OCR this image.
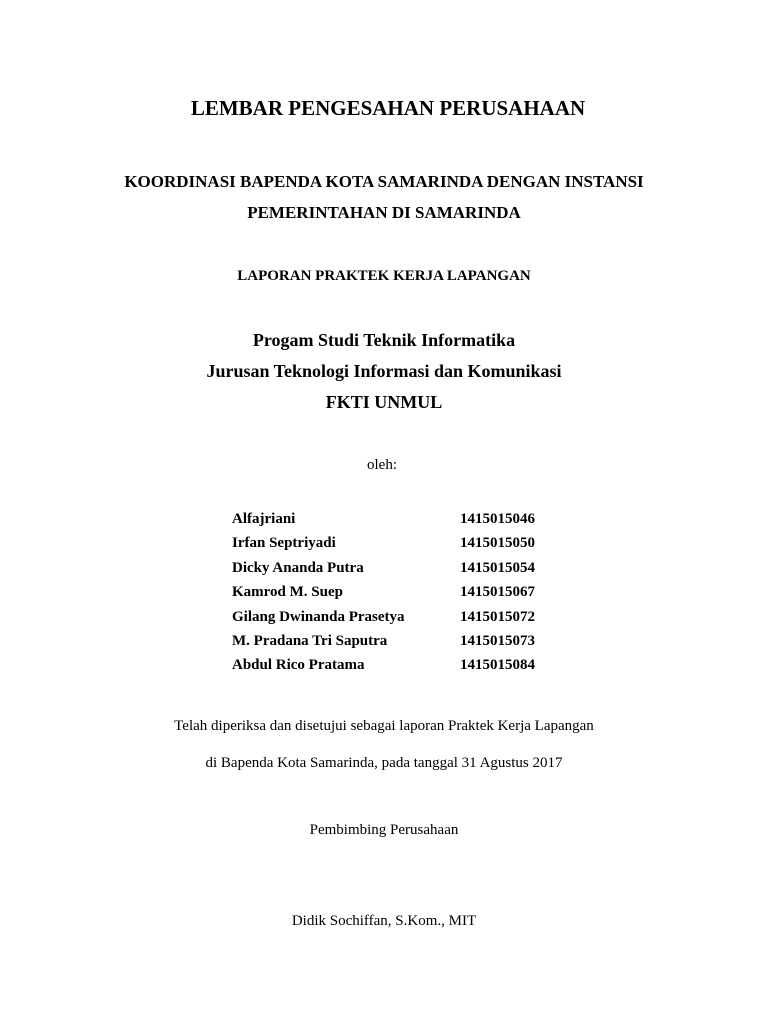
LEMBAR PENGESAHAN PERUSAHAAN
KOORDINASI BAPENDA KOTA SAMARINDA DENGAN INSTANSI
PEMERINTAHAN DI SAMARINDA
LAPORAN PRAKTEK KERJA LAPANGAN
Progam Studi Teknik Informatika
Jurusan Teknologi Informasi dan Komunikasi
FKTI UNMUL
oleh:
Alfajriani	1415015046
Irfan Septriyadi	1415015050
Dicky Ananda Putra	1415015054
Kamrod M. Suep	1415015067
Gilang Dwinanda Prasetya	1415015072
M. Pradana Tri Saputra	1415015073
Abdul Rico Pratama	1415015084
Telah diperiksa dan disetujui sebagai laporan Praktek Kerja Lapangan
di Bapenda Kota Samarinda, pada tanggal 31 Agustus 2017
Pembimbing Perusahaan
Didik Sochiffan, S.Kom., MIT
